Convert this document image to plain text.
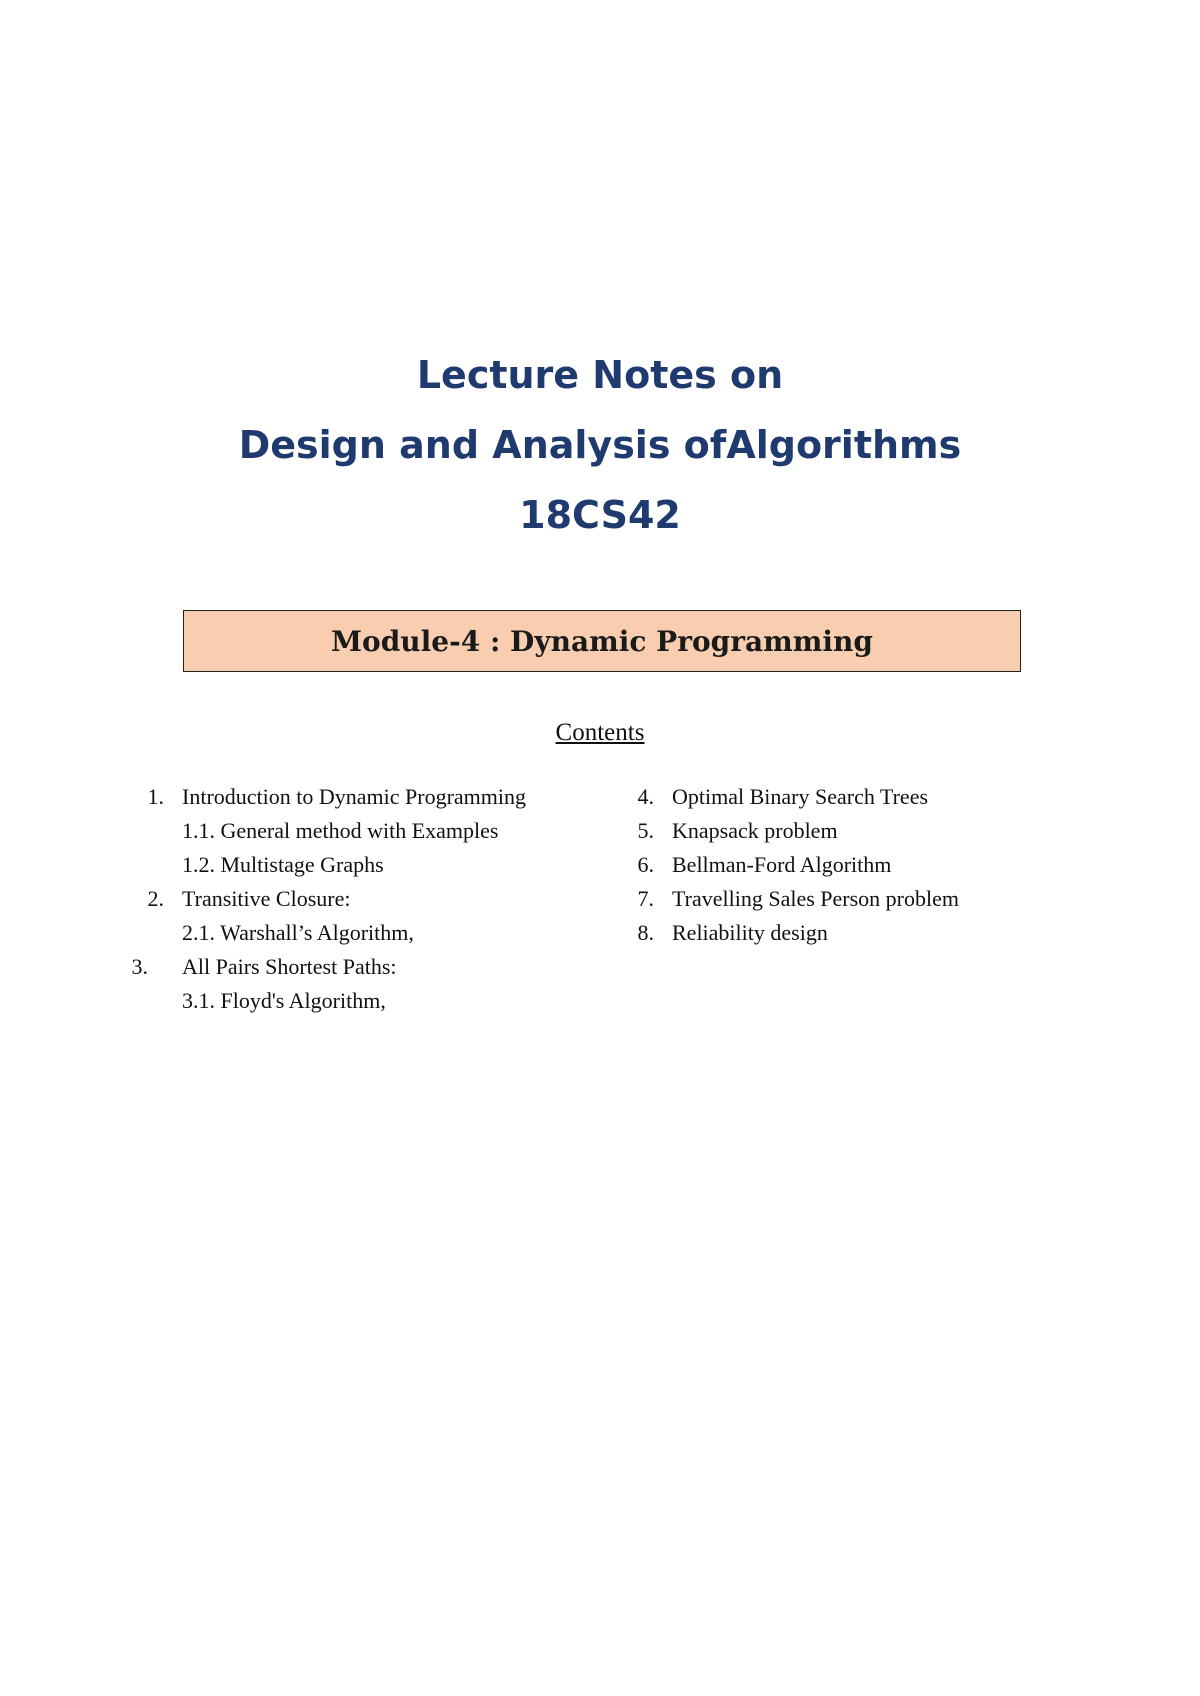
Lecture Notes on
Design and Analysis ofAlgorithms
18CS42
Module-4 : Dynamic Programming
Contents
1. Introduction to Dynamic Programming
1.1. General method with Examples
1.2. Multistage Graphs
2. Transitive Closure:
2.1. Warshall’s Algorithm,
3. All Pairs Shortest Paths:
3.1. Floyd's Algorithm,
4. Optimal Binary Search Trees
5. Knapsack problem
6. Bellman-Ford Algorithm
7. Travelling Sales Person problem
8. Reliability design
